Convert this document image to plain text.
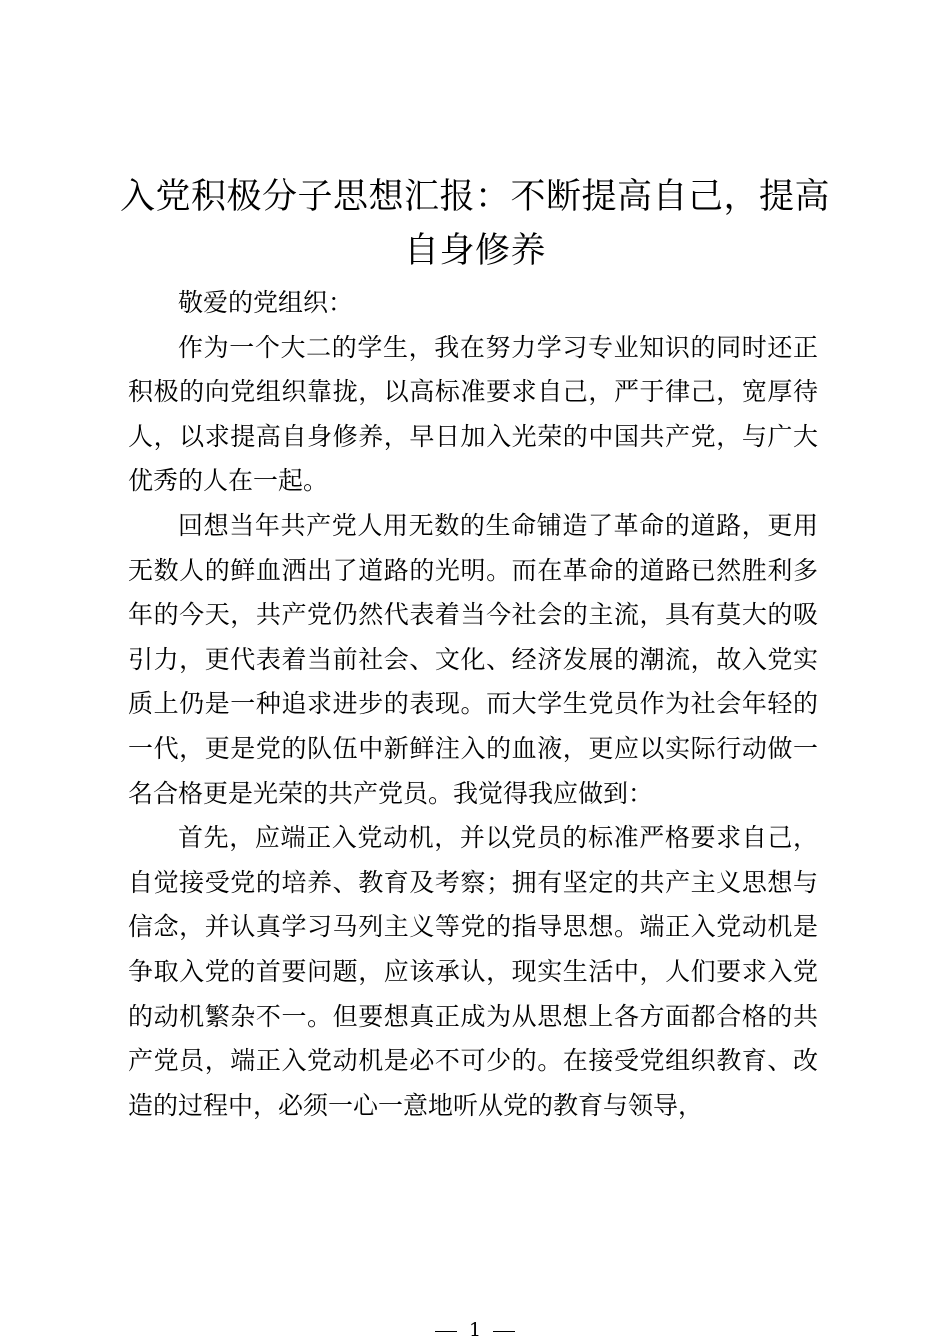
入党积极分子思想汇报：不断提高自己，提高自身修养

敬爱的党组织：

作为一个大二的学生，我在努力学习专业知识的同时还正积极的向党组织靠拢，以高标准要求自己，严于律己，宽厚待人，以求提高自身修养，早日加入光荣的中国共产党，与广大优秀的人在一起。

回想当年共产党人用无数的生命铺造了革命的道路，更用无数人的鲜血洒出了道路的光明。而在革命的道路已然胜利多年的今天，共产党仍然代表着当今社会的主流，具有莫大的吸引力，更代表着当前社会、文化、经济发展的潮流，故入党实质上仍是一种追求进步的表现。而大学生党员作为社会年轻的一代，更是党的队伍中新鲜注入的血液，更应以实际行动做一名合格更是光荣的共产党员。我觉得我应做到：

首先，应端正入党动机，并以党员的标准严格要求自己，自觉接受党的培养、教育及考察；拥有坚定的共产主义思想与信念，并认真学习马列主义等党的指导思想。端正入党动机是争取入党的首要问题，应该承认，现实生活中，人们要求入党的动机繁杂不一。但要想真正成为从思想上各方面都合格的共产党员，端正入党动机是必不可少的。在接受党组织教育、改造的过程中，必须一心一意地听从党的教育与领导，

1
